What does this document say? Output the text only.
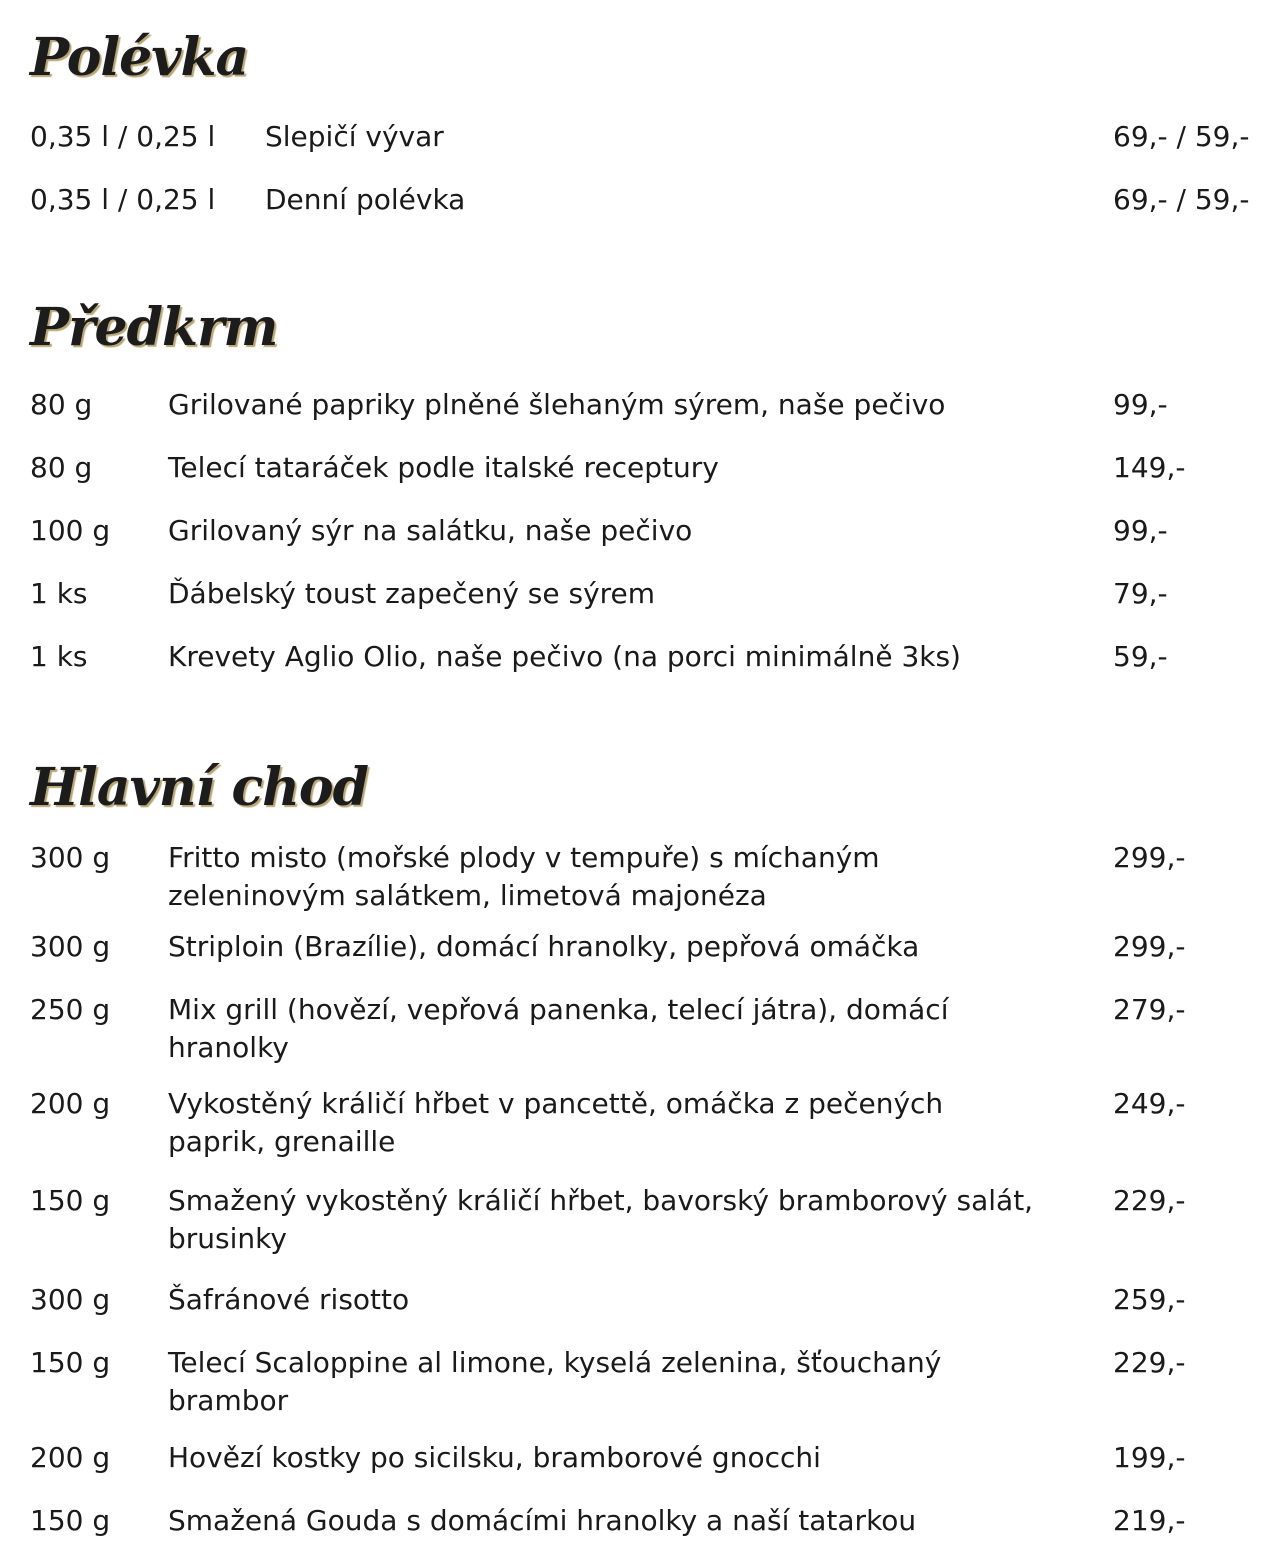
Polévka
0,35 l / 0,25 l Slepičí vývar	69,- / 59,-
0,35 l / 0,25 l Denní polévka	69,- / 59,-
Předkrm
80 g	Grilované papriky plněné šlehaným sýrem, naše pečivo	99,-
80 g	Telecí tataráček podle italské receptury	149,-
100 g Grilovaný sýr na salátku, naše pečivo	99,-
1 ks	Ďábelský toust zapečený se sýrem	79,-
1 ks	Krevety Aglio Olio, naše pečivo (na porci minimálně 3ks)	59,-
Hlavní chod
300 g Fritto misto (mořské plody v tempuře) s míchaným
zeleninovým salátkem, limetová majonéza
299,-
300 g Striploin (Brazílie), domácí hranolky, pepřová omáčka	299,-
250 g Mix grill (hovězí, vepřová panenka, telecí játra), domácí
hranolky
279,-
200 g Vykostěný králičí hřbet v pancettě, omáčka z pečených
paprik, grenaille
249,-
150 g Smažený vykostěný králičí hřbet, bavorský bramborový salát,
brusinky
229,-
300 g Šafránové risotto	259,-
150 g Telecí Scaloppine al limone, kyselá zelenina, šťouchaný
brambor
229,-
200 g Hovězí kostky po sicilsku, bramborové gnocchi	199,-
150 g Smažená Gouda s domácími hranolky a naší tatarkou	219,-
